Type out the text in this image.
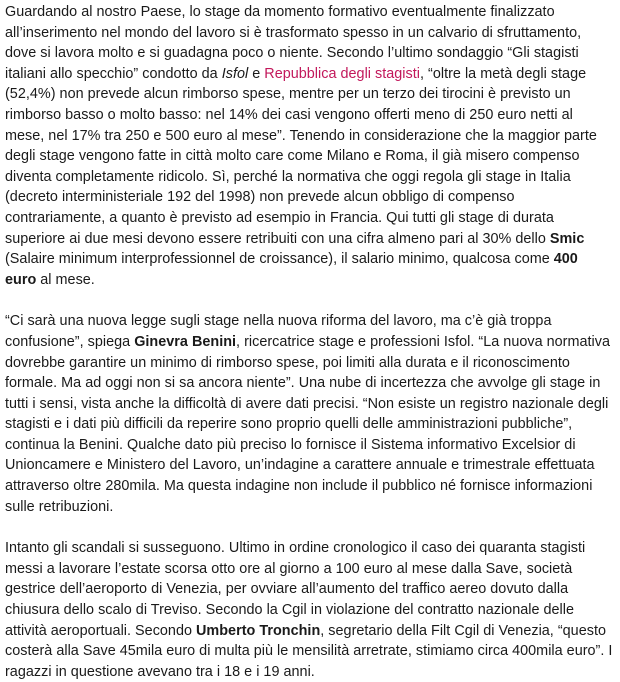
Guardando al nostro Paese, lo stage da momento formativo eventualmente finalizzato all’inserimento nel mondo del lavoro si è trasformato spesso in un calvario di sfruttamento, dove si lavora molto e si guadagna poco o niente. Secondo l’ultimo sondaggio “Gli stagisti italiani allo specchio” condotto da Isfol e Repubblica degli stagisti, “oltre la metà degli stage (52,4%) non prevede alcun rimborso spese, mentre per un terzo dei tirocini è previsto un rimborso basso o molto basso: nel 14% dei casi vengono offerti meno di 250 euro netti al mese, nel 17% tra 250 e 500 euro al mese”. Tenendo in considerazione che la maggior parte degli stage vengono fatte in città molto care come Milano e Roma, il già misero compenso diventa completamente ridicolo. Sì, perché la normativa che oggi regola gli stage in Italia (decreto interministeriale 192 del 1998) non prevede alcun obbligo di compenso contrariamente, a quanto è previsto ad esempio in Francia. Qui tutti gli stage di durata superiore ai due mesi devono essere retribuiti con una cifra almeno pari al 30% dello Smic (Salaire minimum interprofessionnel de croissance), il salario minimo, qualcosa come 400 euro al mese.

“Ci sarà una nuova legge sugli stage nella nuova riforma del lavoro, ma c’è già troppa confusione”, spiega Ginevra Benini, ricercatrice stage e professioni Isfol. “La nuova normativa dovrebbe garantire un minimo di rimborso spese, poi limiti alla durata e il riconoscimento formale. Ma ad oggi non si sa ancora niente”. Una nube di incertezza che avvolge gli stage in tutti i sensi, vista anche la difficoltà di avere dati precisi. “Non esiste un registro nazionale degli stagisti e i dati più difficili da reperire sono proprio quelli delle amministrazioni pubbliche”, continua la Benini. Qualche dato più preciso lo fornisce il Sistema informativo Excelsior di Unioncamere e Ministero del Lavoro, un’indagine a carattere annuale e trimestrale effettuata attraverso oltre 280mila. Ma questa indagine non include il pubblico né fornisce informazioni sulle retribuzioni.

Intanto gli scandali si susseguono. Ultimo in ordine cronologico il caso dei quaranta stagisti messi a lavorare l’estate scorsa otto ore al giorno a 100 euro al mese dalla Save, società gestrice dell’aeroporto di Venezia, per ovviare all’aumento del traffico aereo dovuto dalla chiusura dello scalo di Treviso. Secondo la Cgil in violazione del contratto nazionale delle attività aeroportuali. Secondo Umberto Tronchin, segretario della Filt Cgil di Venezia, “questo costerà alla Save 45mila euro di multa più le mensilità arretrate, stimiamo circa 400mila euro”. I ragazzi in questione avevano tra i 18 e i 19 anni.
